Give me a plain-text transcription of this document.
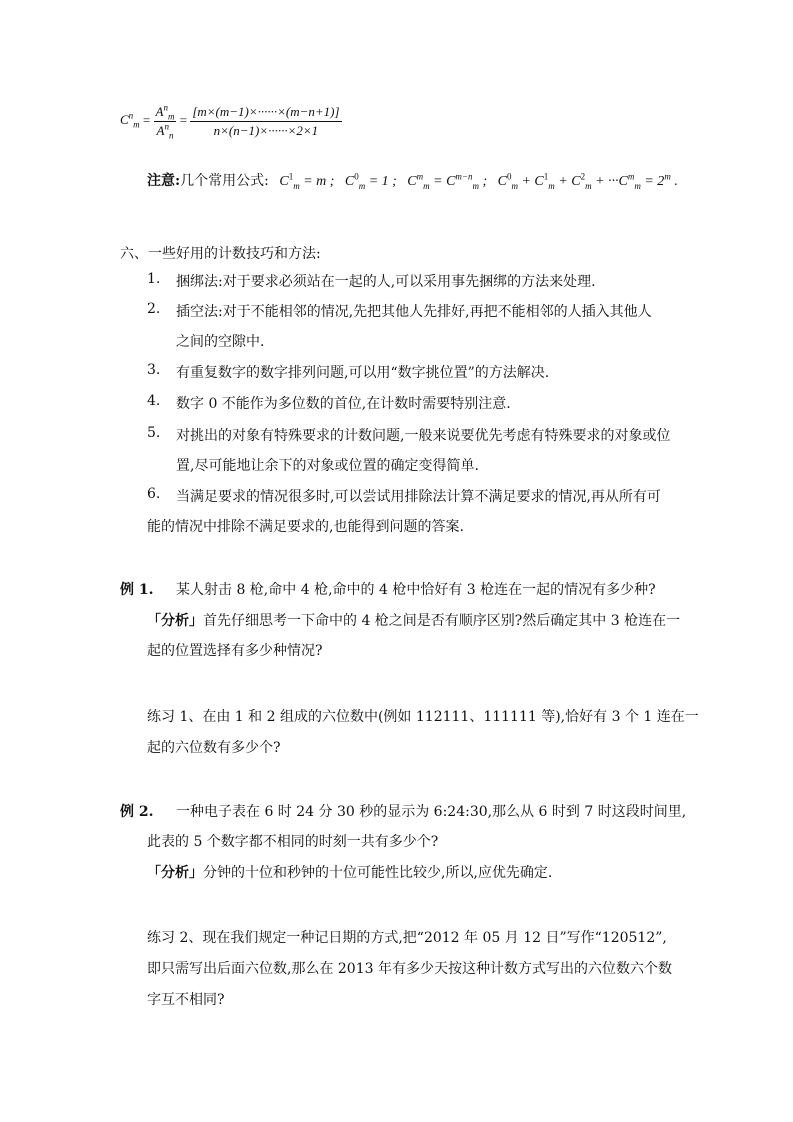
$C^n_m = \frac{A^n_m}{A^n_n} = \frac{[m\times(m-1)\times\cdot\cdot\cdot\cdot\cdot\cdot\times(m-n+1)]}{n\times(n-1)\times\cdot\cdot\cdot\cdot\cdot\cdot\times 2\times 1}$
注意:几个常用公式: $C^1_m = m$ ; $C^0_m = 1$ ; $C^m_m = C^{m-n}_m$ ; $C^0_m + C^1_m + C^2_m + \cdot\cdot\cdot C^m_m = 2^m$ .
六、一些好用的计数技巧和方法:
1. 捆绑法:对于要求必须站在一起的人,可以采用事先捆绑的方法来处理.
2. 插空法:对于不能相邻的情况,先把其他人先排好,再把不能相邻的人插入其他人
之间的空隙中.
3. 有重复数字的数字排列问题,可以用“数字挑位置”的方法解决.
4. 数字 0 不能作为多位数的首位,在计数时需要特别注意.
5. 对挑出的对象有特殊要求的计数问题,一般来说要优先考虑有特殊要求的对象或位
置,尽可能地让余下的对象或位置的确定变得简单.
6. 当满足要求的情况很多时,可以尝试用排除法计算不满足要求的情况,再从所有可
能的情况中排除不满足要求的,也能得到问题的答案.
例 1. 某人射击 8 枪,命中 4 枪,命中的 4 枪中恰好有 3 枪连在一起的情况有多少种?
「分析」首先仔细思考一下命中的 4 枪之间是否有顺序区别?然后确定其中 3 枪连在一
起的位置选择有多少种情况?
练习 1、在由 1 和 2 组成的六位数中(例如 112111、111111 等),恰好有 3 个 1 连在一
起的六位数有多少个?
例 2. 一种电子表在 6 时 24 分 30 秒的显示为 6:24:30,那么从 6 时到 7 时这段时间里,
此表的 5 个数字都不相同的时刻一共有多少个?
「分析」分钟的十位和秒钟的十位可能性比较少,所以,应优先确定.
练习 2、现在我们规定一种记日期的方式,把“2012 年 05 月 12 日”写作“120512”,
即只需写出后面六位数,那么在 2013 年有多少天按这种计数方式写出的六位数六个数
字互不相同?
